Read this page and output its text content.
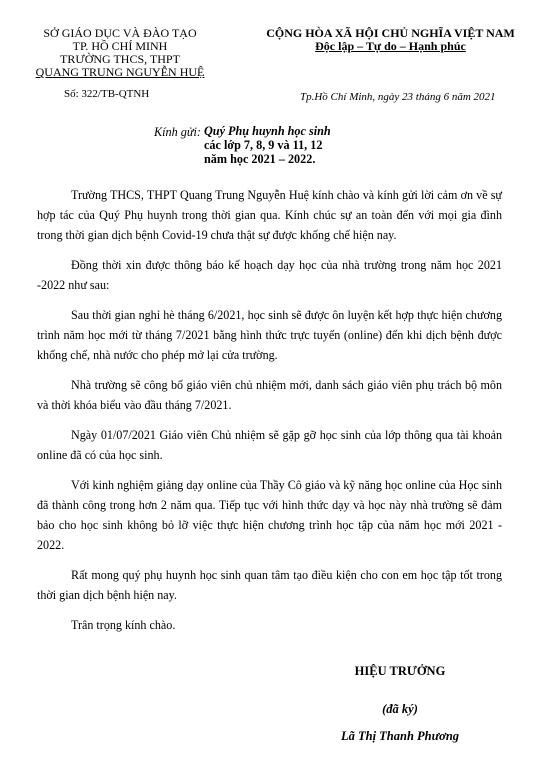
SỞ GIÁO DỤC VÀ ĐÀO TẠO
TP. HỒ CHÍ MINH
TRƯỜNG THCS, THPT
QUANG TRUNG NGUYỄN HUỆ
Số: 322/TB-QTNH
CỘNG HÒA XÃ HỘI CHỦ NGHĨA VIỆT NAM
Độc lập – Tự do – Hạnh phúc
Tp.Hồ Chí Minh, ngày 23 tháng 6 năm 2021
Kính gửi: Quý Phụ huynh học sinh
các lớp 7, 8, 9 và 11, 12
năm học 2021 – 2022.

Trường THCS, THPT Quang Trung Nguyễn Huệ kính chào và kính gửi lời cảm ơn về sự hợp tác của Quý Phụ huynh trong thời gian qua. Kính chúc sự an toàn đến với mọi gia đình trong thời gian dịch bệnh Covid-19 chưa thật sự được khống chế hiện nay.

Đồng thời xin được thông báo kế hoạch dạy học của nhà trường trong năm học 2021 -2022 như sau:

Sau thời gian nghỉ hè tháng 6/2021, học sinh sẽ được ôn luyện kết hợp thực hiện chương trình năm học mới từ tháng 7/2021 bằng hình thức trực tuyến (online) đến khi dịch bệnh được khống chế, nhà nước cho phép mở lại cửa trường.

Nhà trường sẽ công bố giáo viên chủ nhiệm mới, danh sách giáo viên phụ trách bộ môn và thời khóa biểu vào đầu tháng 7/2021.

Ngày 01/07/2021 Giáo viên Chủ nhiệm sẽ gặp gỡ học sinh của lớp thông qua tài khoản online đã có của học sinh.

Với kinh nghiệm giảng dạy online của Thầy Cô giáo và kỹ năng học online của Học sinh đã thành công trong hơn 2 năm qua. Tiếp tục với hình thức dạy và học này nhà trường sẽ đảm bảo cho học sinh không bỏ lỡ việc thực hiện chương trình học tập của năm học mới 2021 - 2022.

Rất mong quý phụ huynh học sinh quan tâm tạo điều kiện cho con em học tập tốt trong thời gian dịch bệnh hiện nay.

Trân trọng kính chào.

HIỆU TRƯỞNG
(đã ký)
Lã Thị Thanh Phương
